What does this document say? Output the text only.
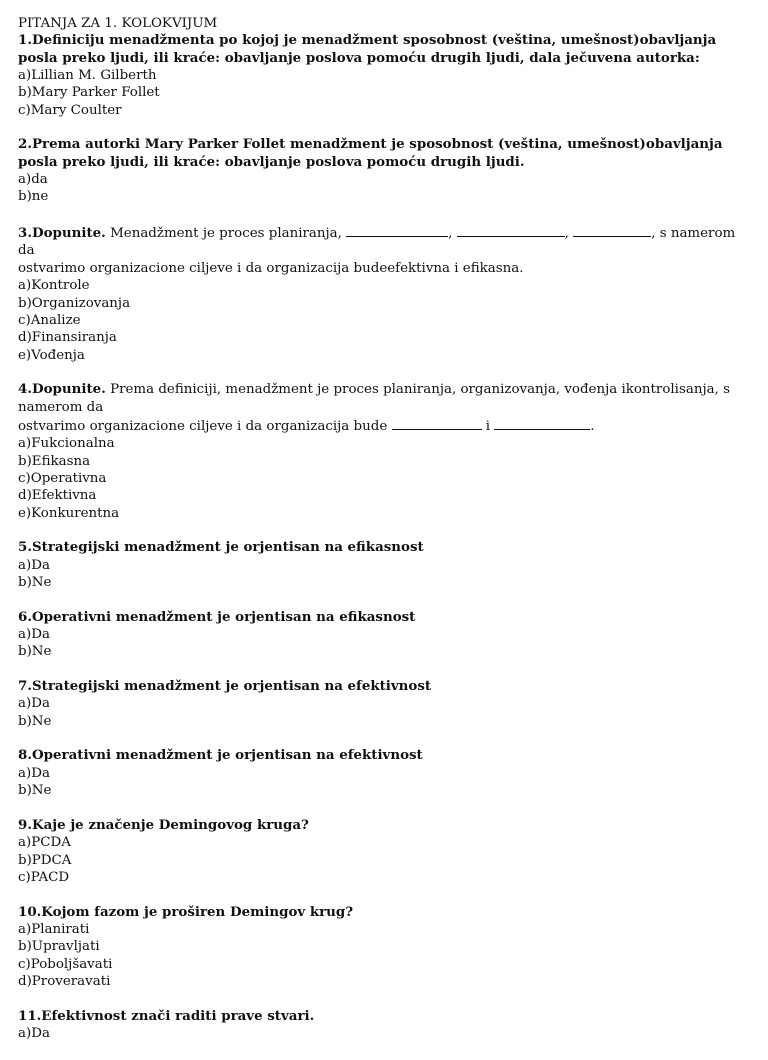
PITANJA ZA 1. KOLOKVIJUM
1.Definiciju menadžmenta po kojoj je menadžment sposobnost (veština, umešnost)obavljanja posla preko ljudi, ili kraće: obavljanje poslova pomoću drugih ljudi, dala ječuvena autorka:
a)Lillian M. Gilberth
b)Mary Parker Follet
c)Mary Coulter
2.Prema autorki Mary Parker Follet menadžment je sposobnost (veština, umešnost)obavljanja posla preko ljudi, ili kraće: obavljanje poslova pomoću drugih ljudi.
a)da
b)ne
3.Dopunite. Menadžment je proces planiranja,	,	,	, s namerom da
ostvarimo organizacione ciljeve i da organizacija budeefektivna i efikasna.
a)Kontrole
b)Organizovanja
c)Analize
d)Finansiranja
e)Vođenja
4.Dopunite. Prema definiciji, menadžment je proces planiranja, organizovanja, vođenja ikontrolisanja, s namerom da
ostvarimo organizacione ciljeve i da organizacija bude	i	.
a)Fukcionalna
b)Efikasna
c)Operativna
d)Efektivna
e)Konkurentna
5.Strategijski menadžment je orjentisan na efikasnost
a)Da
b)Ne
6.Operativni menadžment je orjentisan na efikasnost
a)Da
b)Ne
7.Strategijski menadžment je orjentisan na efektivnost
a)Da
b)Ne
8.Operativni menadžment je orjentisan na efektivnost
a)Da
b)Ne
9.Kaje je značenje Demingovog kruga?
a)PCDA
b)PDCA
c)PACD
10.Kojom fazom je proširen Demingov krug?
a)Planirati
b)Upravljati
c)Poboljšavati
d)Proveravati
11.Efektivnost znači raditi prave stvari.
a)Da
